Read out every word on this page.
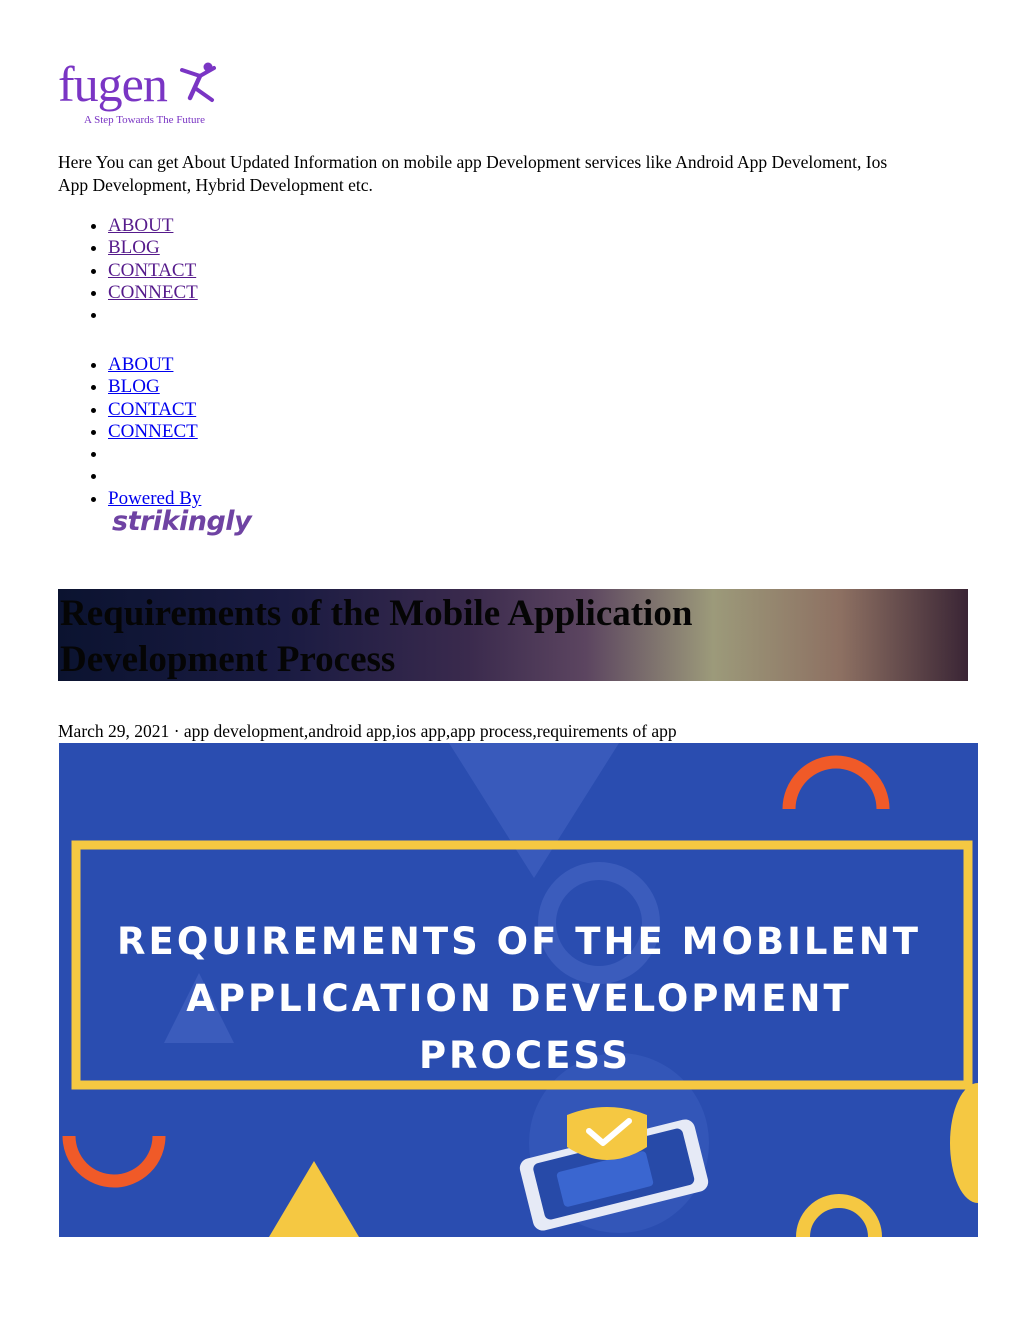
fugen
A Step Towards The Future
Here You can get About Updated Information on mobile app Development services like Android App Develoment, Ios App Development, Hybrid Development etc.
• ABOUT
• BLOG
• CONTACT
• CONNECT
•
• ABOUT
• BLOG
• CONTACT
• CONNECT
•
•
• Powered By
strikingly
Requirements of the Mobile Application Development Process
March 29, 2021 · app development,android app,ios app,app process,requirements of app
REQUIREMENTS OF THE MOBILENT
APPLICATION DEVELOPMENT
PROCESS
